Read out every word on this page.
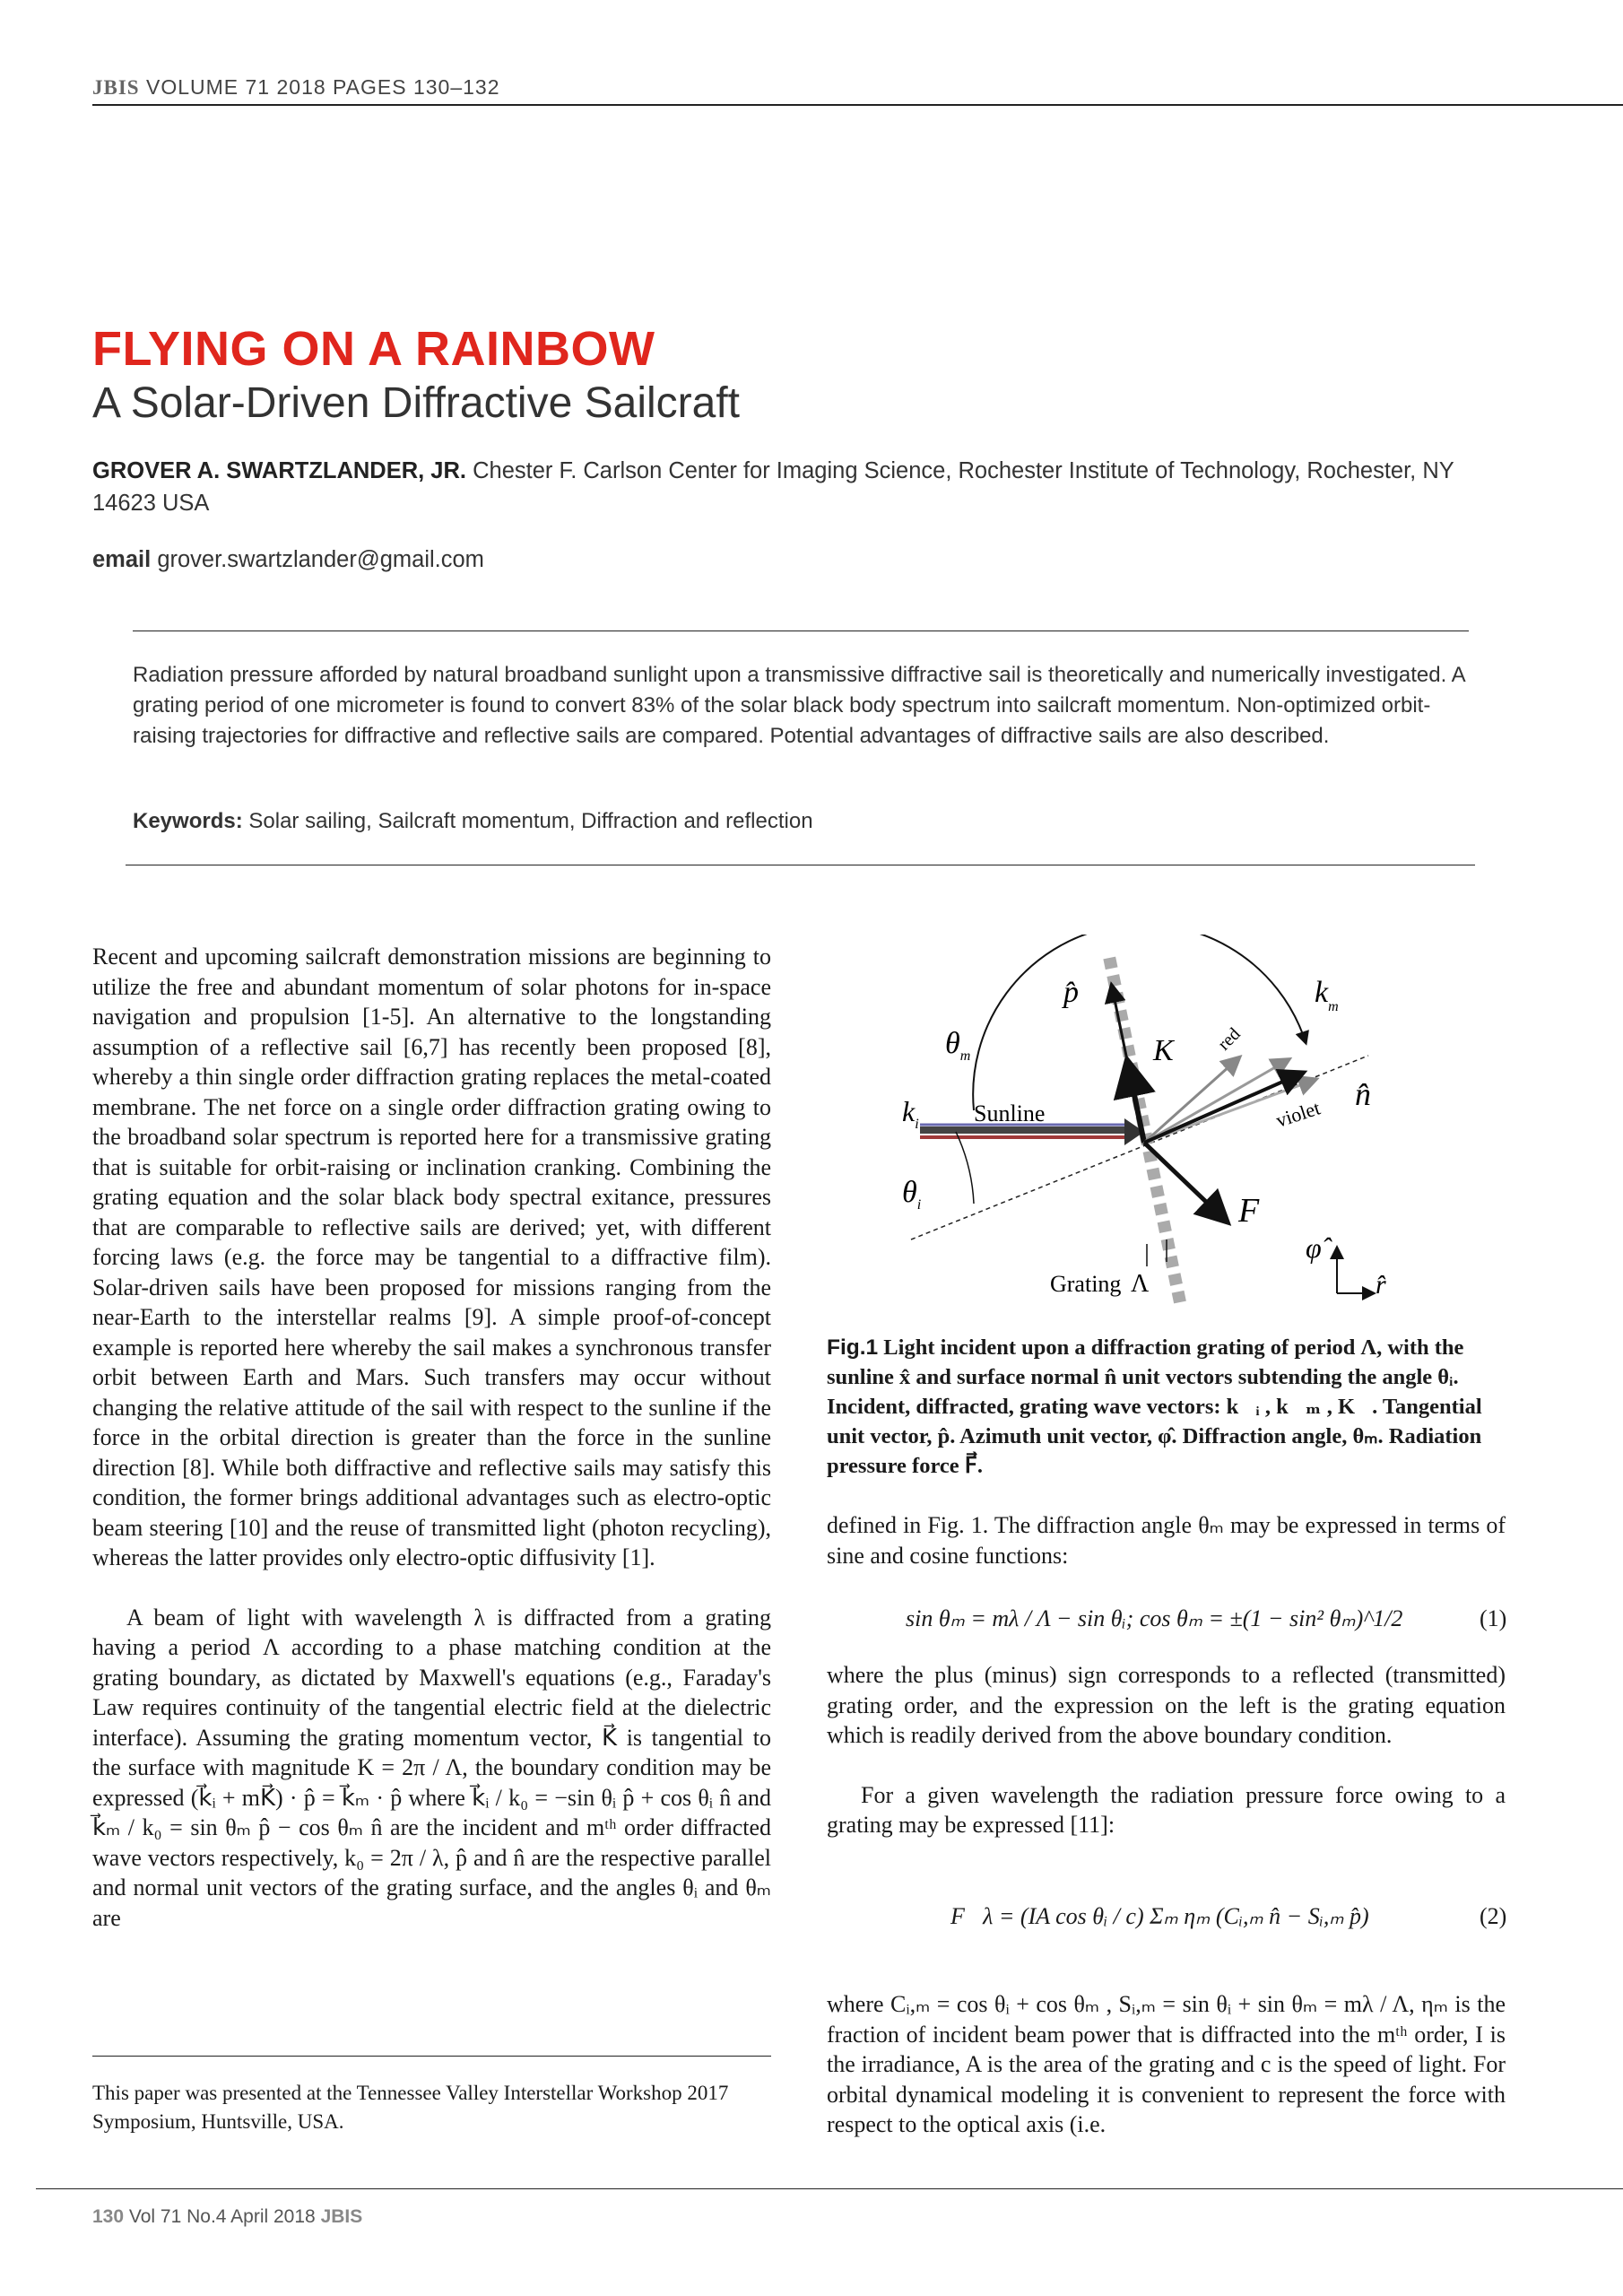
JBIS VOLUME 71 2018 PAGES 130–132
FLYING ON A RAINBOW
A Solar-Driven Diffractive Sailcraft
GROVER A. SWARTZLANDER, JR. Chester F. Carlson Center for Imaging Science, Rochester Institute of Technology, Rochester, NY 14623 USA
email grover.swartzlander@gmail.com
Radiation pressure afforded by natural broadband sunlight upon a transmissive diffractive sail is theoretically and numerically investigated. A grating period of one micrometer is found to convert 83% of the solar black body spectrum into sailcraft momentum. Non-optimized orbit-raising trajectories for diffractive and reflective sails are compared. Potential advantages of diffractive sails are also described.
Keywords: Solar sailing, Sailcraft momentum, Diffraction and reflection

Recent and upcoming sailcraft demonstration missions are beginning to utilize the free and abundant momentum of solar photons for in-space navigation and propulsion [1-5]. An alternative to the longstanding assumption of a reflective sail [6,7] has recently been proposed [8], whereby a thin single order diffraction grating replaces the metal-coated membrane. The net force on a single order diffraction grating owing to the broadband solar spectrum is reported here for a transmissive grating that is suitable for orbit-raising or inclination cranking. Combining the grating equation and the solar black body spectral exitance, pressures that are comparable to reflective sails are derived; yet, with different forcing laws (e.g. the force may be tangential to a diffractive film). Solar-driven sails have been proposed for missions ranging from the near-Earth to the interstellar realms [9]. A simple proof-of-concept example is reported here whereby the sail makes a synchronous transfer orbit between Earth and Mars. Such transfers may occur without changing the relative attitude of the sail with respect to the sunline if the force in the orbital direction is greater than the force in the sunline direction [8]. While both diffractive and reflective sails may satisfy this condition, the former brings additional advantages such as electro-optic beam steering [10] and the reuse of transmitted light (photon recycling), whereas the latter provides only electro-optic diffusivity [1].

A beam of light with wavelength λ is diffracted from a grating having a period Λ according to a phase matching condition at the grating boundary, as dictated by Maxwell's equations (e.g., Faraday's Law requires continuity of the tangential electric field at the dielectric interface). Assuming the grating momentum vector, K⃗ is tangential to the surface with magnitude K = 2π / Λ, the boundary condition may be expressed (k⃗ᵢ + mK⃗) · p̂ = k⃗ₘ · p̂ where k⃗ᵢ / k₀ = −sin θᵢ p̂ + cos θᵢ n̂ and k⃗ₘ / k₀ = sin θₘ p̂ − cos θₘ n̂ are the incident and mᵗʰ order diffracted wave vectors respectively, k₀ = 2π / λ, p̂ and n̂ are the respective parallel and normal unit vectors of the grating surface, and the angles θᵢ and θₘ are

This paper was presented at the Tennessee Valley Interstellar Workshop 2017 Symposium, Huntsville, USA.
$\theta_m$
$k_i$
$\theta_i$
Sunline
p̂
K red
violet
$k_m$
n̂
F
φ̂
r̂
Grating Λ
Fig.1 Light incident upon a diffraction grating of period Λ, with the sunline x̂ and surface normal n̂ unit vectors subtending the angle θᵢ. Incident, diffracted, grating wave vectors: k⃗ᵢ , k⃗ₘ , K⃗. Tangential unit vector, p̂. Azimuth unit vector, φ̂. Diffraction angle, θₘ. Radiation pressure force F⃗.

defined in Fig. 1. The diffraction angle θₘ may be expressed in terms of sine and cosine functions:

sin θₘ = mλ / Λ − sin θᵢ; cos θₘ = ±(1 − sin² θₘ)^1/2	(1)

where the plus (minus) sign corresponds to a reflected (transmitted) grating order, and the expression on the left is the grating equation which is readily derived from the above boundary condition.

For a given wavelength the radiation pressure force owing to a grating may be expressed [11]:

F⃗λ = (IA cos θᵢ / c) Σₘ ηₘ (Cᵢ,ₘ n̂ − Sᵢ,ₘ p̂)	(2)

where Cᵢ,ₘ = cos θᵢ + cos θₘ , Sᵢ,ₘ = sin θᵢ + sin θₘ = mλ / Λ, ηₘ is the fraction of incident beam power that is diffracted into the mᵗʰ order, I is the irradiance, A is the area of the grating and c is the speed of light. For orbital dynamical modeling it is convenient to represent the force with respect to the optical axis (i.e.

130 Vol 71 No.4 April 2018 JBIS
